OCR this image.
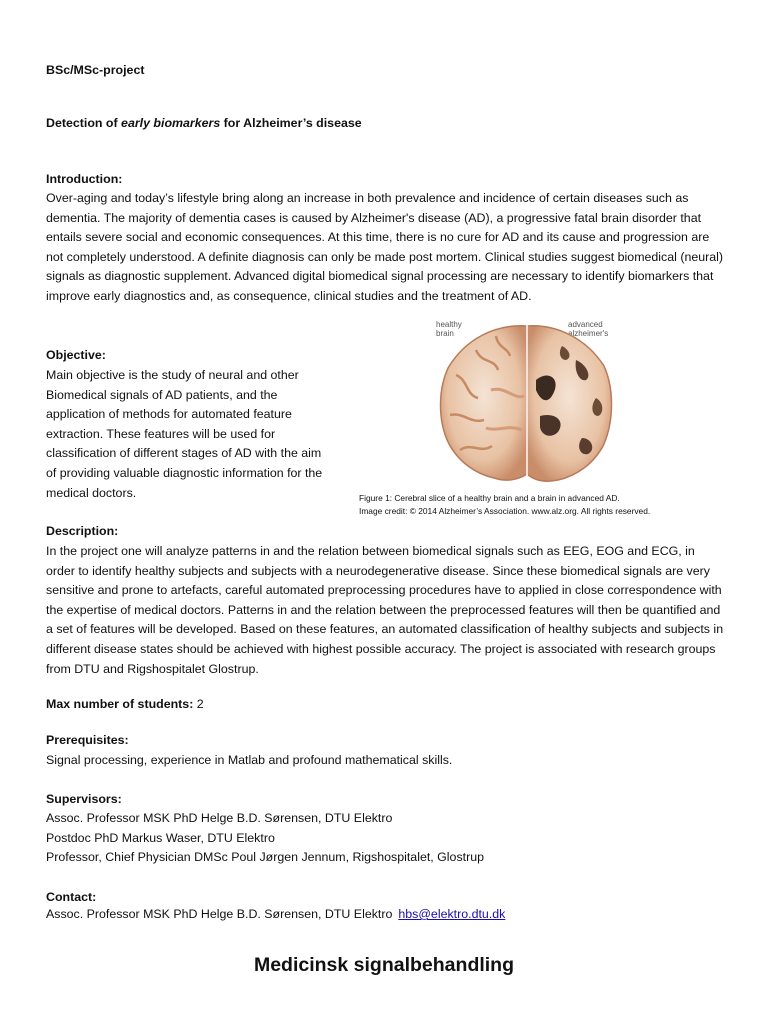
BSc/MSc-project
Detection of early biomarkers for Alzheimer’s disease
Introduction:
Over-aging and today’s lifestyle bring along an increase in both prevalence and incidence of certain diseases such as dementia. The majority of dementia cases is caused by Alzheimer's disease (AD), a progressive fatal brain disorder that entails severe social and economic consequences. At this time, there is no cure for AD and its cause and progression are not completely understood. A definite diagnosis can only be made post mortem. Clinical studies suggest biomedical (neural) signals as diagnostic supplement. Advanced digital biomedical signal processing are necessary to identify biomarkers that improve early diagnostics and, as consequence, clinical studies and the treatment of AD.
Objective:
Main objective is the study of neural and other Biomedical signals of AD patients, and the application of methods for automated feature extraction. These features will be used for classification of different stages of AD with the aim of providing valuable diagnostic information for the medical doctors.
Description:
In the project one will analyze patterns in and the relation between biomedical signals such as EEG, EOG and ECG, in order to identify healthy subjects and subjects with a neurodegenerative disease. Since these biomedical signals are very sensitive and prone to artefacts, careful automated preprocessing procedures have to applied in close correspondence with the expertise of medical doctors. Patterns in and the relation between the preprocessed features will then be quantified and a set of features will be developed. Based on these features, an automated classification of healthy subjects and subjects in different disease states should be achieved with highest possible accuracy. The project is associated with research groups from DTU and Rigshospitalet Glostrup.
Max number of students: 2
Prerequisites:
Signal processing, experience in Matlab and profound mathematical skills.
Supervisors:
Assoc. Professor MSK PhD Helge B.D. Sørensen, DTU Elektro
Postdoc PhD Markus Waser, DTU Elektro
Professor, Chief Physician DMSc Poul Jørgen Jennum, Rigshospitalet, Glostrup
Contact:
Assoc. Professor MSK PhD Helge B.D. Sørensen, DTU Elektro hbs@elektro.dtu.dk
healthy
brain
advanced
alzheimer's
Figure 1: Cerebral slice of a healthy brain and a brain in advanced AD.
Image credit: © 2014 Alzheimer’s Association. www.alz.org. All rights reserved.
Medicinsk signalbehandling
